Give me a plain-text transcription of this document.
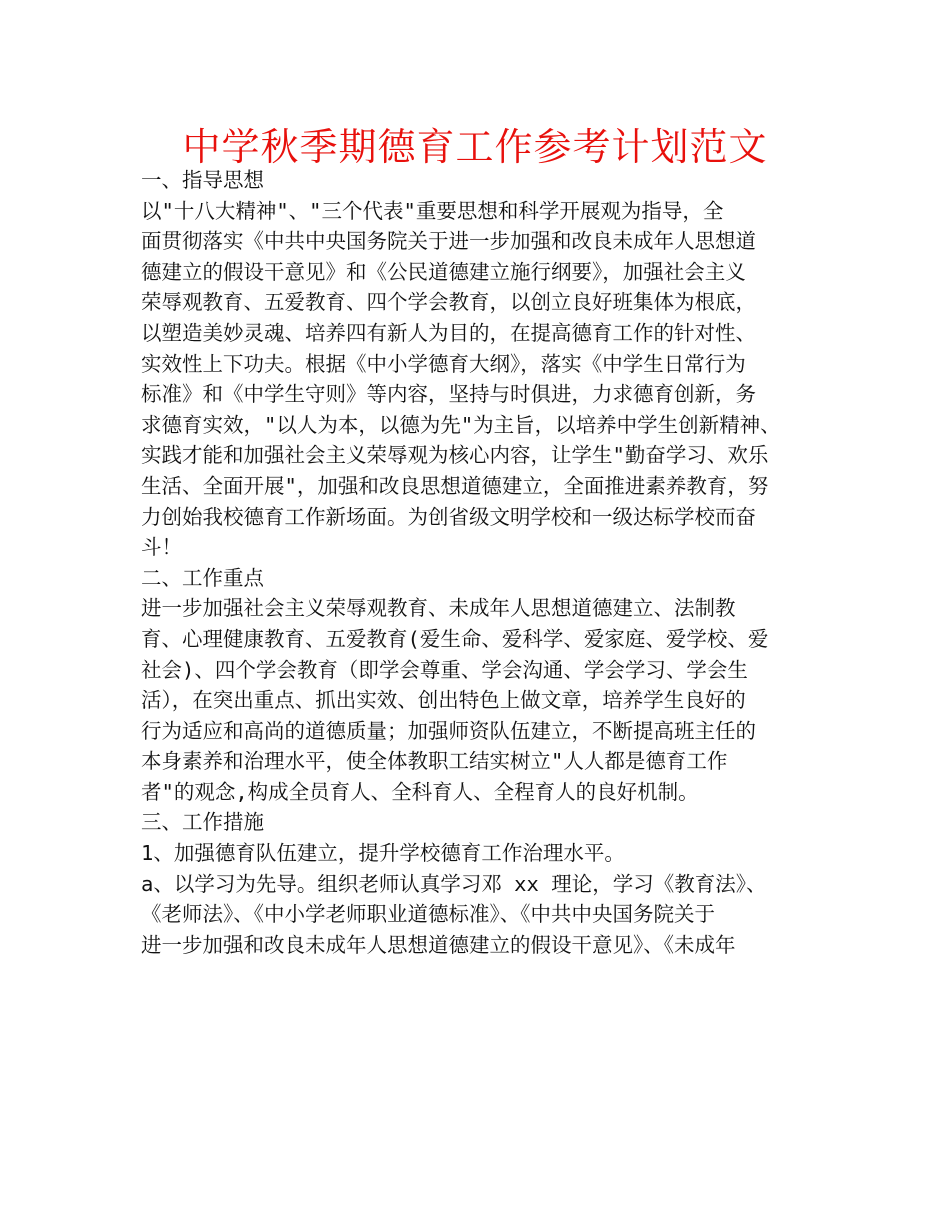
中学秋季期德育工作参考计划范文
一、指导思想
以"十八大精神"、"三个代表"重要思想和科学开展观为指导，全
面贯彻落实《中共中央国务院关于进一步加强和改良未成年人思想道
德建立的假设干意见》和《公民道德建立施行纲要》，加强社会主义
荣辱观教育、五爱教育、四个学会教育，以创立良好班集体为根底，
以塑造美妙灵魂、培养四有新人为目的，在提高德育工作的针对性、
实效性上下功夫。根据《中小学德育大纲》，落实《中学生日常行为
标准》和《中学生守则》等内容，坚持与时俱进，力求德育创新，务
求德育实效，"以人为本，以德为先"为主旨，以培养中学生创新精神、
实践才能和加强社会主义荣辱观为核心内容，让学生"勤奋学习、欢乐
生活、全面开展"，加强和改良思想道德建立，全面推进素养教育，努
力创始我校德育工作新场面。为创省级文明学校和一级达标学校而奋
斗！
二、工作重点
进一步加强社会主义荣辱观教育、未成年人思想道德建立、法制教
育、心理健康教育、五爱教育(爱生命、爱科学、爱家庭、爱学校、爱
社会)、四个学会教育（即学会尊重、学会沟通、学会学习、学会生
活），在突出重点、抓出实效、创出特色上做文章，培养学生良好的
行为适应和高尚的道德质量；加强师资队伍建立，不断提高班主任的
本身素养和治理水平，使全体教职工结实树立"人人都是德育工作
者"的观念,构成全员育人、全科育人、全程育人的良好机制。
三、工作措施
1、加强德育队伍建立，提升学校德育工作治理水平。
a、以学习为先导。组织老师认真学习邓 xx 理论，学习《教育法》、
《老师法》、《中小学老师职业道德标准》、《中共中央国务院关于
进一步加强和改良未成年人思想道德建立的假设干意见》、《未成年
